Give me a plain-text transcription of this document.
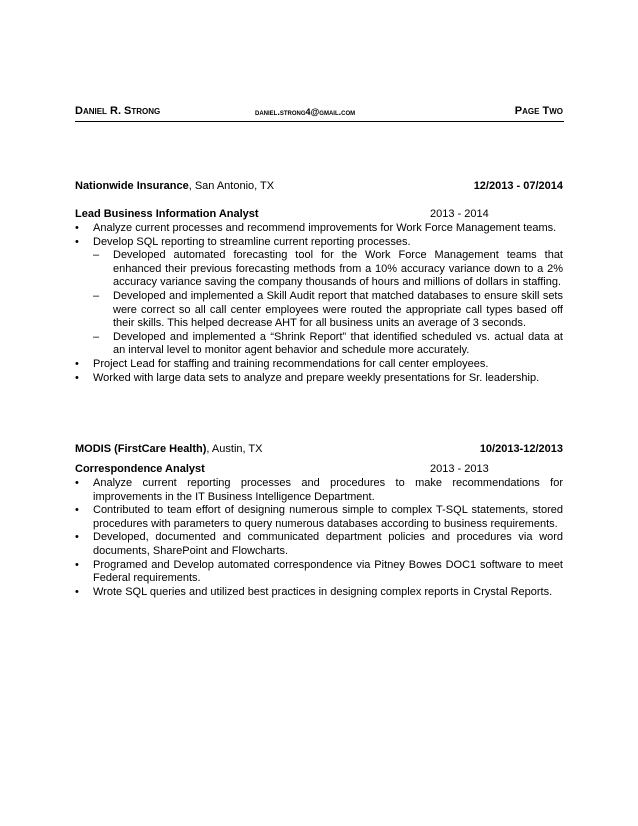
Daniel R. Strong	daniel.strong4@gmail.com	Page Two
Nationwide Insurance, San Antonio, TX	12/2013 - 07/2014
Lead Business Information Analyst	2013 - 2014
• Analyze current processes and recommend improvements for Work Force Management teams.
• Develop SQL reporting to streamline current reporting processes.
– Developed automated forecasting tool for the Work Force Management teams that enhanced their previous forecasting methods from a 10% accuracy variance down to a 2% accuracy variance saving the company thousands of hours and millions of dollars in staffing.
– Developed and implemented a Skill Audit report that matched databases to ensure skill sets were correct so all call center employees were routed the appropriate call types based off their skills. This helped decrease AHT for all business units an average of 3 seconds.
– Developed and implemented a “Shrink Report” that identified scheduled vs. actual data at an interval level to monitor agent behavior and schedule more accurately.
• Project Lead for staffing and training recommendations for call center employees.
• Worked with large data sets to analyze and prepare weekly presentations for Sr. leadership.
MODIS (FirstCare Health), Austin, TX	10/2013-12/2013
Correspondence Analyst	2013 - 2013
• Analyze current reporting processes and procedures to make recommendations for improvements in the IT Business Intelligence Department.
• Contributed to team effort of designing numerous simple to complex T-SQL statements, stored procedures with parameters to query numerous databases according to business requirements.
• Developed, documented and communicated department policies and procedures via word documents, SharePoint and Flowcharts.
• Programed and Develop automated correspondence via Pitney Bowes DOC1 software to meet Federal requirements.
• Wrote SQL queries and utilized best practices in designing complex reports in Crystal Reports.
